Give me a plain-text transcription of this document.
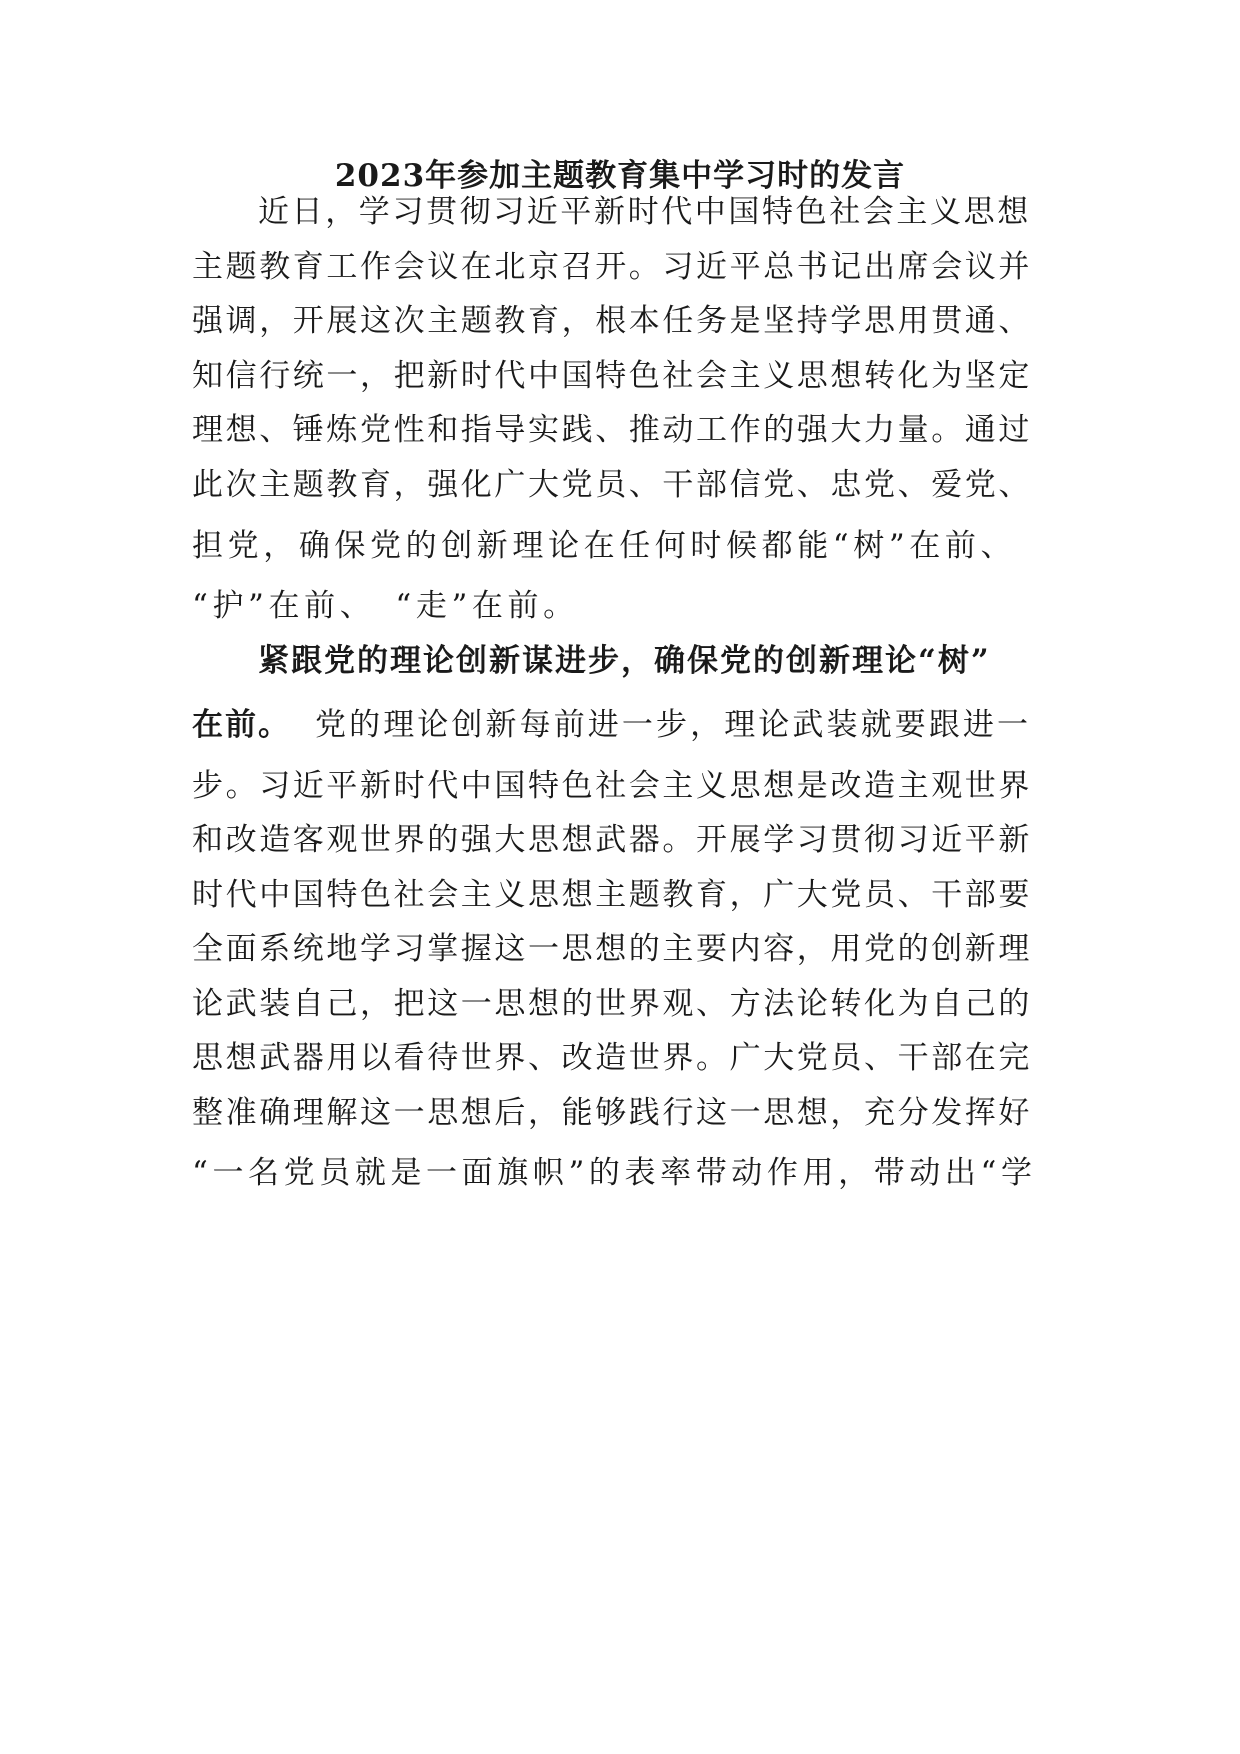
2023年参加主题教育集中学习时的发言
近日，学习贯彻习近平新时代中国特色社会主义思想
主题教育工作会议在北京召开。习近平总书记出席会议并
强调，开展这次主题教育，根本任务是坚持学思用贯通、
知信行统一，把新时代中国特色社会主义思想转化为坚定
理想、锤炼党性和指导实践、推动工作的强大力量。通过
此次主题教育，强化广大党员、干部信党、忠党、爱党、
担党，确保党的创新理论在任何时候都能“树”在前、
“护”在前、　“走”在前。
紧跟党的理论创新谋进步，确保党的创新理论“树”
在前。 党的理论创新每前进一步，理论武装就要跟进一
步。习近平新时代中国特色社会主义思想是改造主观世界
和改造客观世界的强大思想武器。开展学习贯彻习近平新
时代中国特色社会主义思想主题教育，广大党员、干部要
全面系统地学习掌握这一思想的主要内容，用党的创新理
论武装自己，把这一思想的世界观、方法论转化为自己的
思想武器用以看待世界、改造世界。广大党员、干部在完
整准确理解这一思想后，能够践行这一思想，充分发挥好
“一名党员就是一面旗帜”的表率带动作用，带动出“学
